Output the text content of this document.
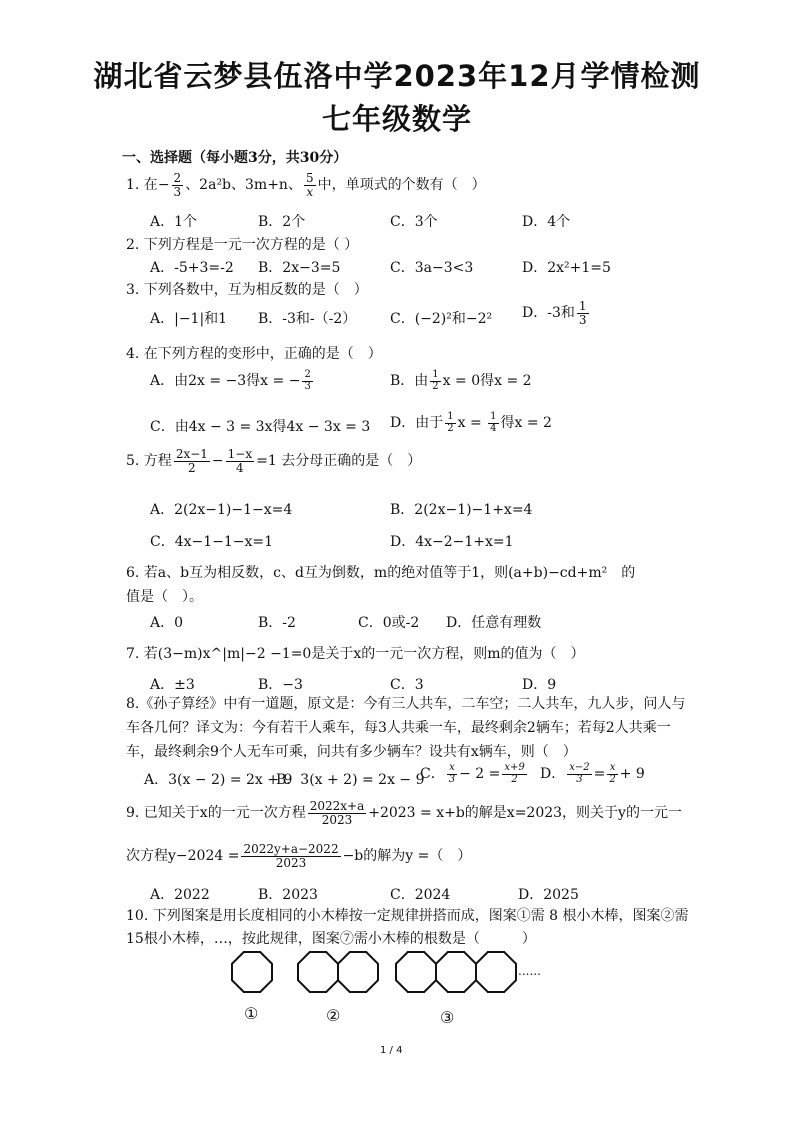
湖北省云梦县伍洛中学2023年12月学情检测
七年级数学
一、选择题（每小题3分，共30分）
1. 在− $\frac{2}{3}$ 、2a²b、3m+n、 $\frac{5}{x}$ 中，单项式的个数有（　）
A．1个	B．2个	C．3个	D．4个
2. 下列方程是一元一次方程的是（ ）
A．-5+3=-2 B．2x−3=5	C．3a−3<3	D．2x²+1=5
3. 下列各数中，互为相反数的是（　）
A．|−1|和1 B．-3和-（-2） C．(−2)²和−2² D．-3和 $\frac{1}{3}$
4. 在下列方程的变形中，正确的是（　）
A．由2x = −3得x = − $\frac{2}{3}$	B．由 $\frac{1}{2}$ x = 0得x = 2
C．由4x − 3 = 3x得4x − 3x = 3 D．由于 $\frac{1}{2}$ $x = \frac{1}{4}$ 得x = 2
5. 方程 $\frac{2x-1}{2} - \frac{1-x}{4} =1$ 去分母正确的是（　）
A．2(2x−1)−1−x=4	B．2(2x−1)−1+x=4
C．4x−1−1−x=1	D．4x−2−1+x=1
6. 若a、b互为相反数，c、d互为倒数，m的绝对值等于1，则(a+b)−cd+m²　的
值是（　）。
A．0	B．-2	C．0或-2 D．任意有理数
7. 若(3−m)x^|m|−2 −1=0是关于x的一元一次方程，则m的值为（　）
A．±3	B．−3	C．3	D．9
8.《孙子算经》中有一道题，原文是：今有三人共车，二车空；二人共车，九人步，问人与
车各几何？译文为：今有若干人乘车，每3人共乘一车，最终剩余2辆车；若每2人共乘一
车，最终剩余9个人无车可乘，问共有多少辆车？设共有x辆车，则（　）
A．3(x − 2) = 2x + 9
B．3(x + 2) = 2x − 9
C． $\frac{x}{3} - 2 = \frac{x+9}{2}$ D． $\frac{x-2}{3} = \frac{x}{2} + 9$
9. 已知关于x的一元一次方程 $\frac{2022x+a}{2023} +2023 = x+b$的解是x=2023，则关于y的一元一
次方程$y-2024 = \frac{2022y+a-2022}{2023} -b$的解为y =（　）
A．2022	B．2023	C．2024	D．2025
10. 下列图案是用长度相同的小木棒按一定规律拼搭而成，图案①需 8 根小木棒，图案②需
15根小木棒，…，按此规律，图案⑦需小木棒的根数是（　　　）
......
①	②	③
1 / 4
